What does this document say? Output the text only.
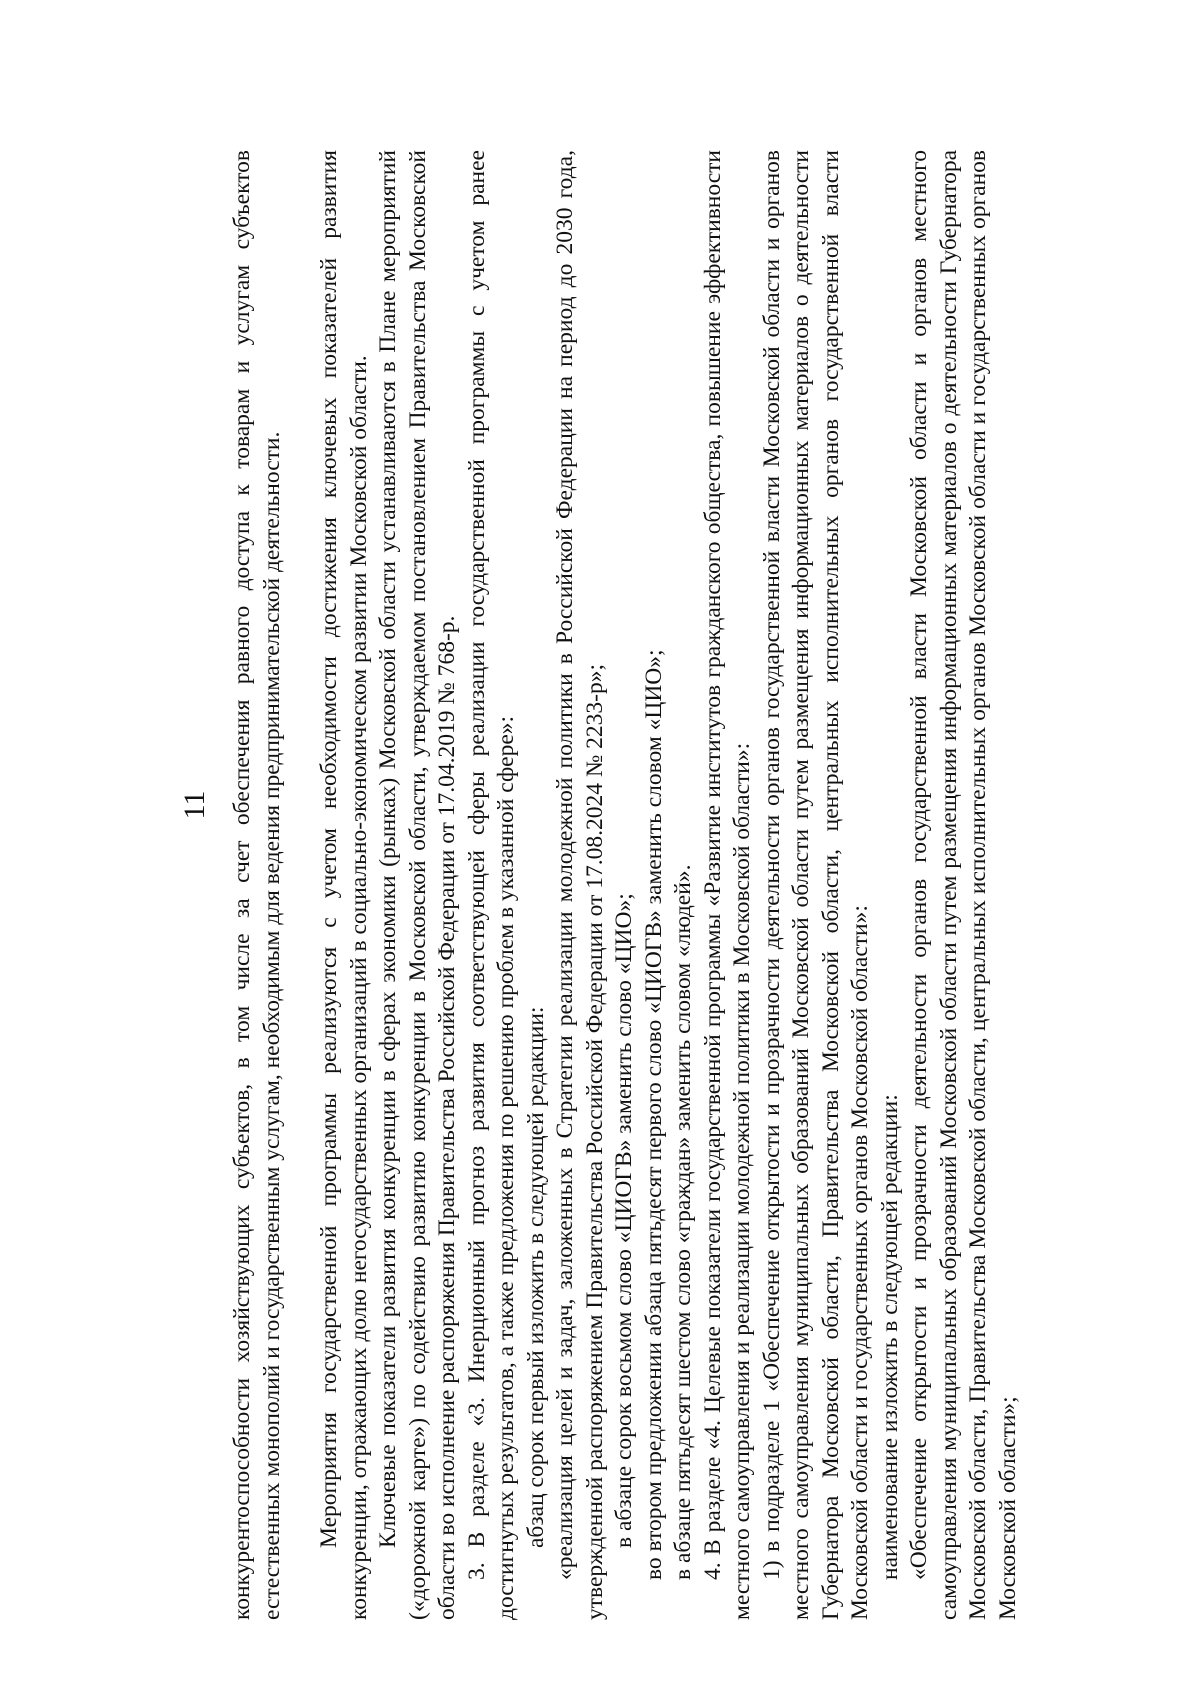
11 конкурентоспособности хозяйствующих субъектов, в том числе за счет обеспечения равного доступа к товарам и услугам субъектов естественных монополий и государственным услугам, необходимым для ведения предпринимательской деятельности. Мероприятия государственной программы реализуются с учетом необходимости достижения ключевых показателей развития конкуренции, отражающих долю негосударственных организаций в социально-экономическом развитии Московской области. Ключевые показатели развития конкуренции в сферах экономики (рынках) Московской области устанавливаются в Плане мероприятий («дорожной карте») по содействию развитию конкуренции в Московской области, утверждаемом постановлением Правительства Московской области во исполнение распоряжения Правительства Российской Федерации от 17.04.2019 № 768-р. 3. В разделе «3. Инерционный прогноз развития соответствующей сферы реализации государственной программы с учетом ранее достигнутых результатов, а также предложения по решению проблем в указанной сфере»: абзац сорок первый изложить в следующей редакции: «реализация целей и задач, заложенных в Стратегии реализации молодежной политики в Российской Федерации на период до 2030 года, утвержденной распоряжением Правительства Российской Федерации от 17.08.2024 № 2233-р»; в абзаце сорок восьмом слово «ЦИОГВ» заменить слово «ЦИО»; во втором предложении абзаца пятьдесят первого слово «ЦИОГВ» заменить словом «ЦИО»; в абзаце пятьдесят шестом слово «граждан» заменить словом «людей». 4. В разделе «4. Целевые показатели государственной программы «Развитие институтов гражданского общества, повышение эффективности местного самоуправления и реализации молодежной политики в Московской области»: 1) в подразделе 1 «Обеспечение открытости и прозрачности деятельности органов государственной власти Московской области и органов местного самоуправления муниципальных образований Московской области путем размещения информационных материалов о деятельности Губернатора Московской области, Правительства Московской области, центральных исполнительных органов государственной власти Московской области и государственных органов Московской области»: наименование изложить в следующей редакции: «Обеспечение открытости и прозрачности деятельности органов государственной власти Московской области и органов местного самоуправления муниципальных образований Московской области путем размещения информационных материалов о деятельности Губернатора Московской области, Правительства Московской области, центральных исполнительных органов Московской области и государственных органов Московской области»;
